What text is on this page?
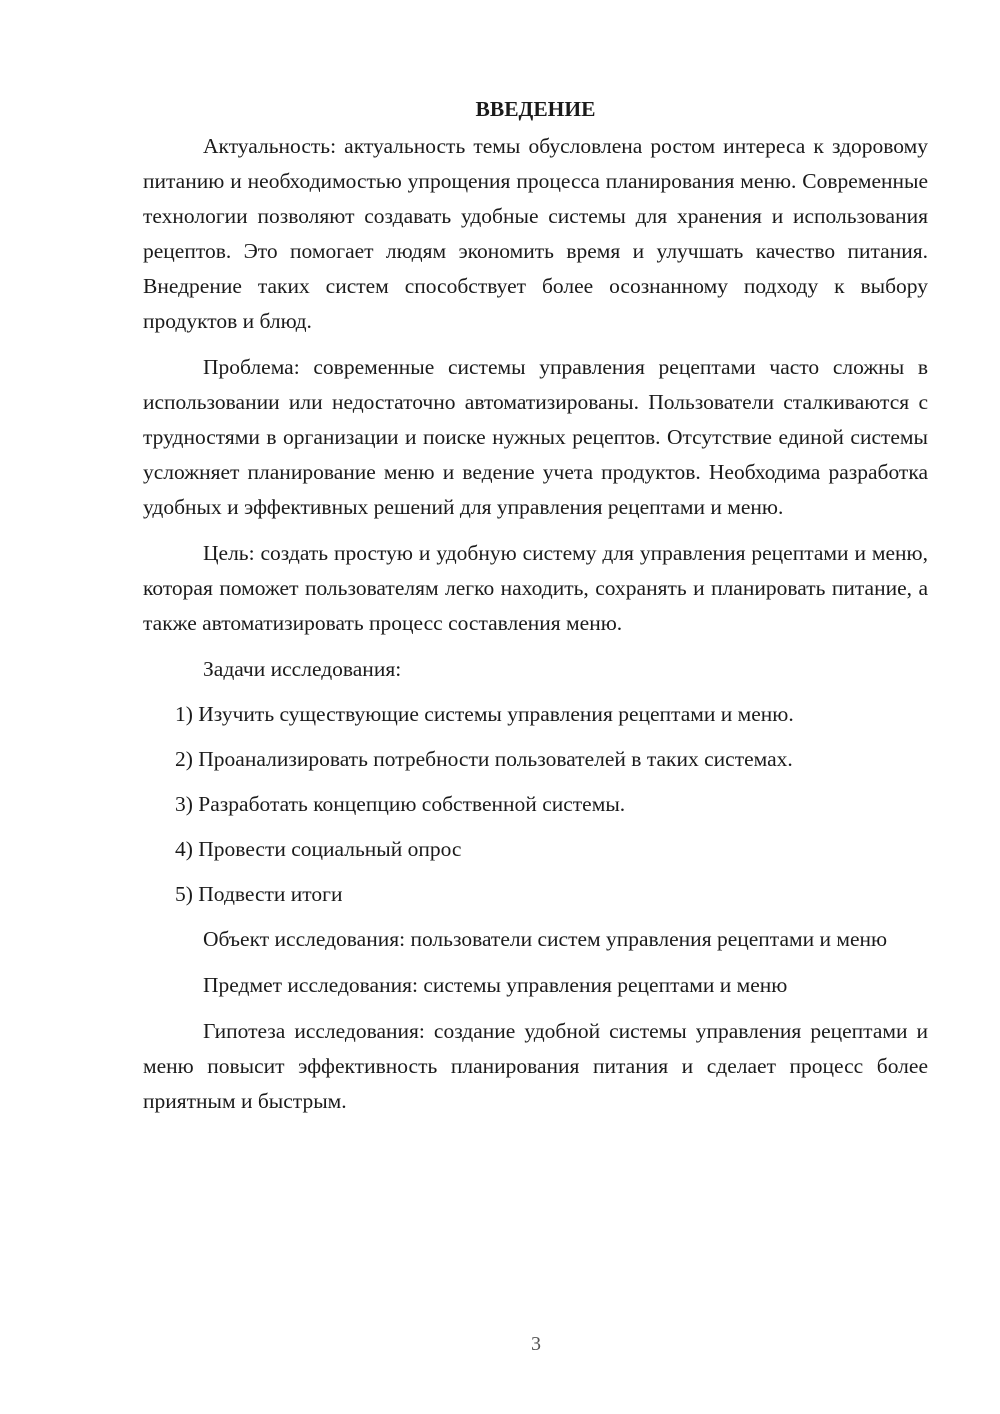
ВВЕДЕНИЕ

Актуальность: актуальность темы обусловлена ростом интереса к здоровому питанию и необходимостью упрощения процесса планирования меню. Современные технологии позволяют создавать удобные системы для хранения и использования рецептов. Это помогает людям экономить время и улучшать качество питания. Внедрение таких систем способствует более осознанному подходу к выбору продуктов и блюд.

Проблема: современные системы управления рецептами часто сложны в использовании или недостаточно автоматизированы. Пользователи сталкиваются с трудностями в организации и поиске нужных рецептов. Отсутствие единой системы усложняет планирование меню и ведение учета продуктов. Необходима разработка удобных и эффективных решений для управления рецептами и меню.

Цель: создать простую и удобную систему для управления рецептами и меню, которая поможет пользователям легко находить, сохранять и планировать питание, а также автоматизировать процесс составления меню.

Задачи исследования:
1) Изучить существующие системы управления рецептами и меню.
2) Проанализировать потребности пользователей в таких системах.
3) Разработать концепцию собственной системы.
4) Провести социальный опрос
5) Подвести итоги

Объект исследования: пользователи систем управления рецептами и меню

Предмет исследования: системы управления рецептами и меню

Гипотеза исследования: создание удобной системы управления рецептами и меню повысит эффективность планирования питания и сделает процесс более приятным и быстрым.

3
